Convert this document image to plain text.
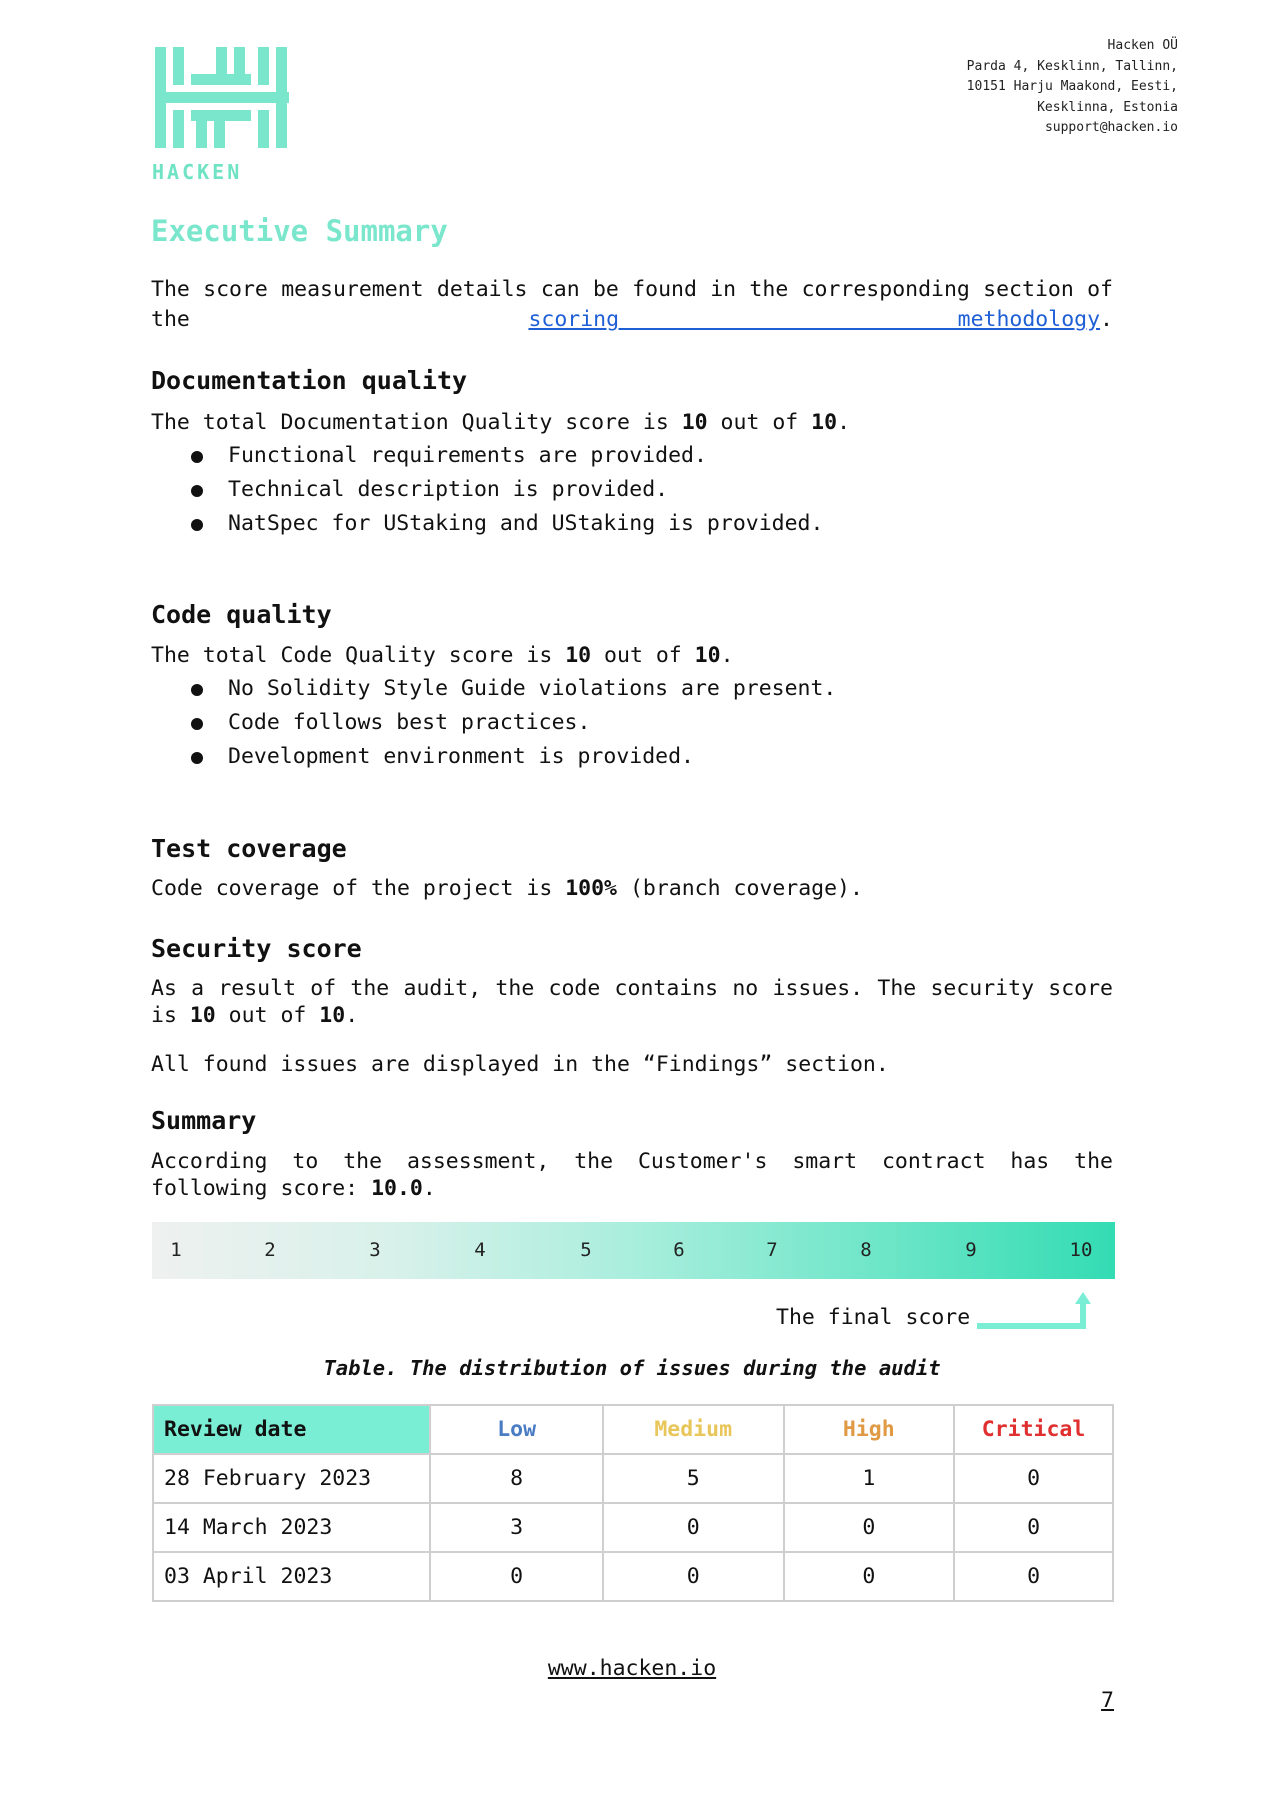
HACKEN
Hacken OÜ
Parda 4, Kesklinn, Tallinn,
10151 Harju Maakond, Eesti,
Kesklinna, Estonia
support@hacken.io
Executive Summary
The score measurement details can be found in the corresponding section of the scoring methodology.
Documentation quality
The total Documentation Quality score is 10 out of 10.
Functional requirements are provided.
Technical description is provided.
NatSpec for UStaking and UStaking is provided.
Code quality
The total Code Quality score is 10 out of 10.
No Solidity Style Guide violations are present.
Code follows best practices.
Development environment is provided.
Test coverage
Code coverage of the project is 100% (branch coverage).
Security score
As a result of the audit, the code contains no issues. The security score
is 10 out of 10.
All found issues are displayed in the “Findings” section.
Summary
According to the assessment, the Customer's smart contract has the
following score: 10.0.
1	2	3	4	5	6	7	8	9	10
The final score
Table. The distribution of issues during the audit
Review date	Low	Medium	High	Critical
28 February 2023	8	5	1	0
14 March 2023	3	0	0	0
03 April 2023	0	0	0	0
www.hacken.io
7
